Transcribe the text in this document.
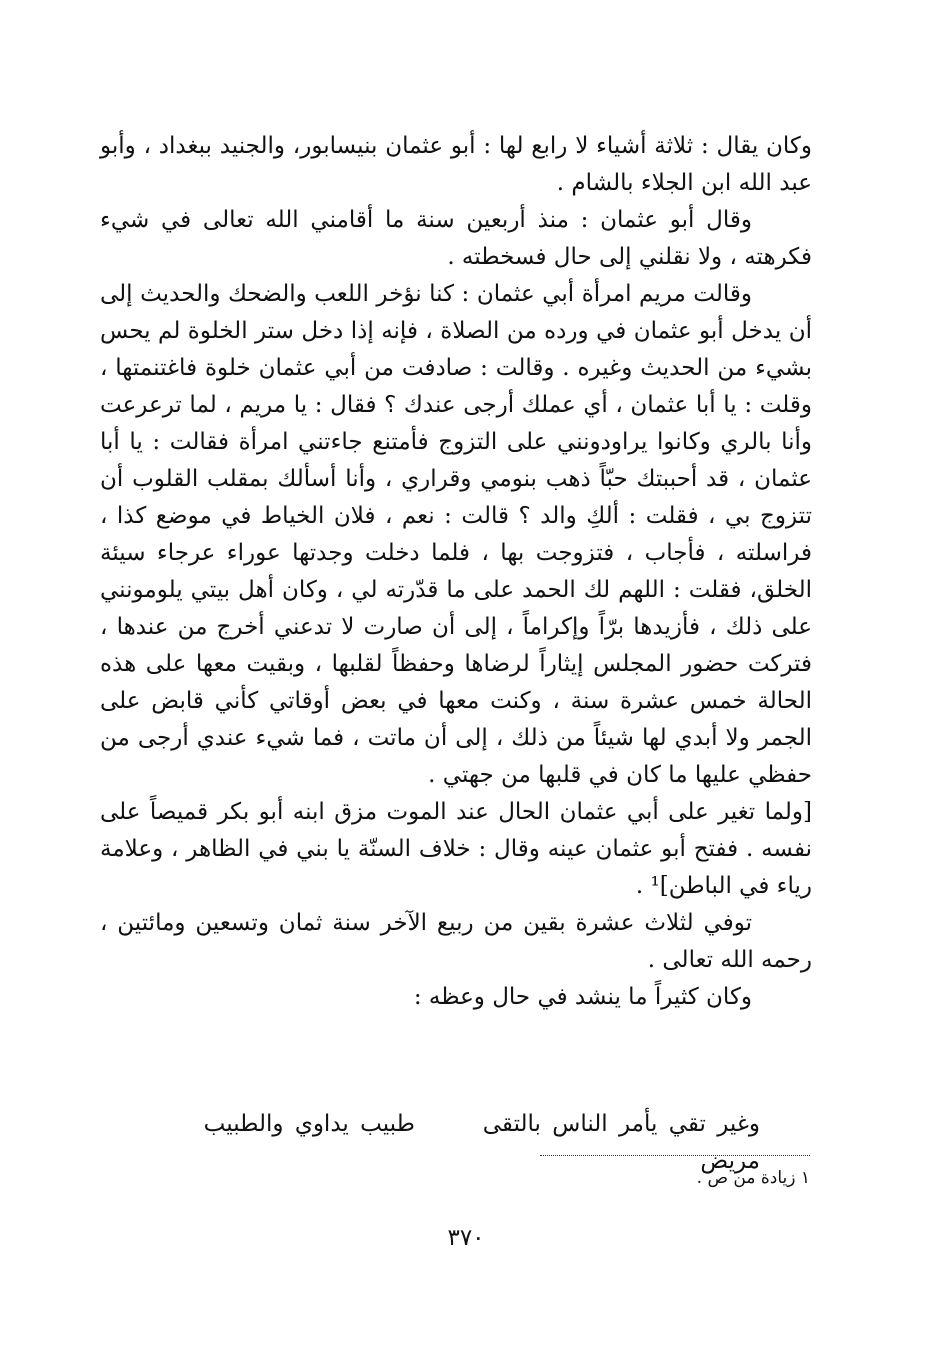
وكان يقال : ثلاثة أشياء لا رابع لها : أبو عثمان بنيسابور، والجنيد ببغداد ، وأبو عبد الله ابن الجلاء بالشام .

وقال أبو عثمان : منذ أربعين سنة ما أقامني الله تعالى في شيء فكرهته ، ولا نقلني إلى حال فسخطته .

وقالت مريم امرأة أبي عثمان : كنا نؤخر اللعب والضحك والحديث إلى أن يدخل أبو عثمان في ورده من الصلاة ، فإنه إذا دخل ستر الخلوة لم يحس بشيء من الحديث وغيره . وقالت : صادفت من أبي عثمان خلوة فاغتنمتها ، وقلت : يا أبا عثمان ، أي عملك أرجى عندك ؟ فقال : يا مريم ، لما ترعرعت وأنا بالري وكانوا يراودونني على التزوج فأمتنع جاءتني امرأة فقالت : يا أبا عثمان ، قد أحببتك حبّاً ذهب بنومي وقراري ، وأنا أسألك بمقلب القلوب أن تتزوج بي ، فقلت : ألكِ والد ؟ قالت : نعم ، فلان الخياط في موضع كذا ، فراسلته ، فأجاب ، فتزوجت بها ، فلما دخلت وجدتها عوراء عرجاء سيئة الخلق، فقلت : اللهم لك الحمد على ما قدّرته لي ، وكان أهل بيتي يلومونني على ذلك ، فأزيدها برّاً وإكراماً ، إلى أن صارت لا تدعني أخرج من عندها ، فتركت حضور المجلس إيثاراً لرضاها وحفظاً لقلبها ، وبقيت معها على هذه الحالة خمس عشرة سنة ، وكنت معها في بعض أوقاتي كأني قابض على الجمر ولا أبدي لها شيئاً من ذلك ، إلى أن ماتت ، فما شيء عندي أرجى من حفظي عليها ما كان في قلبها من جهتي .

[ولما تغير على أبي عثمان الحال عند الموت مزق ابنه أبو بكر قميصاً على نفسه . ففتح أبو عثمان عينه وقال : خلاف السنّة يا بني في الظاهر ، وعلامة رياء في الباطن]¹ .

توفي لثلاث عشرة بقين من ربيع الآخر سنة ثمان وتسعين ومائتين ، رحمه الله تعالى .

وكان كثيراً ما ينشد في حال وعظه :

وغير تقي يأمر الناس بالتقى      طبيب يداوي والطبيب مريض
١ زيادة من ص .
٣٧٠
